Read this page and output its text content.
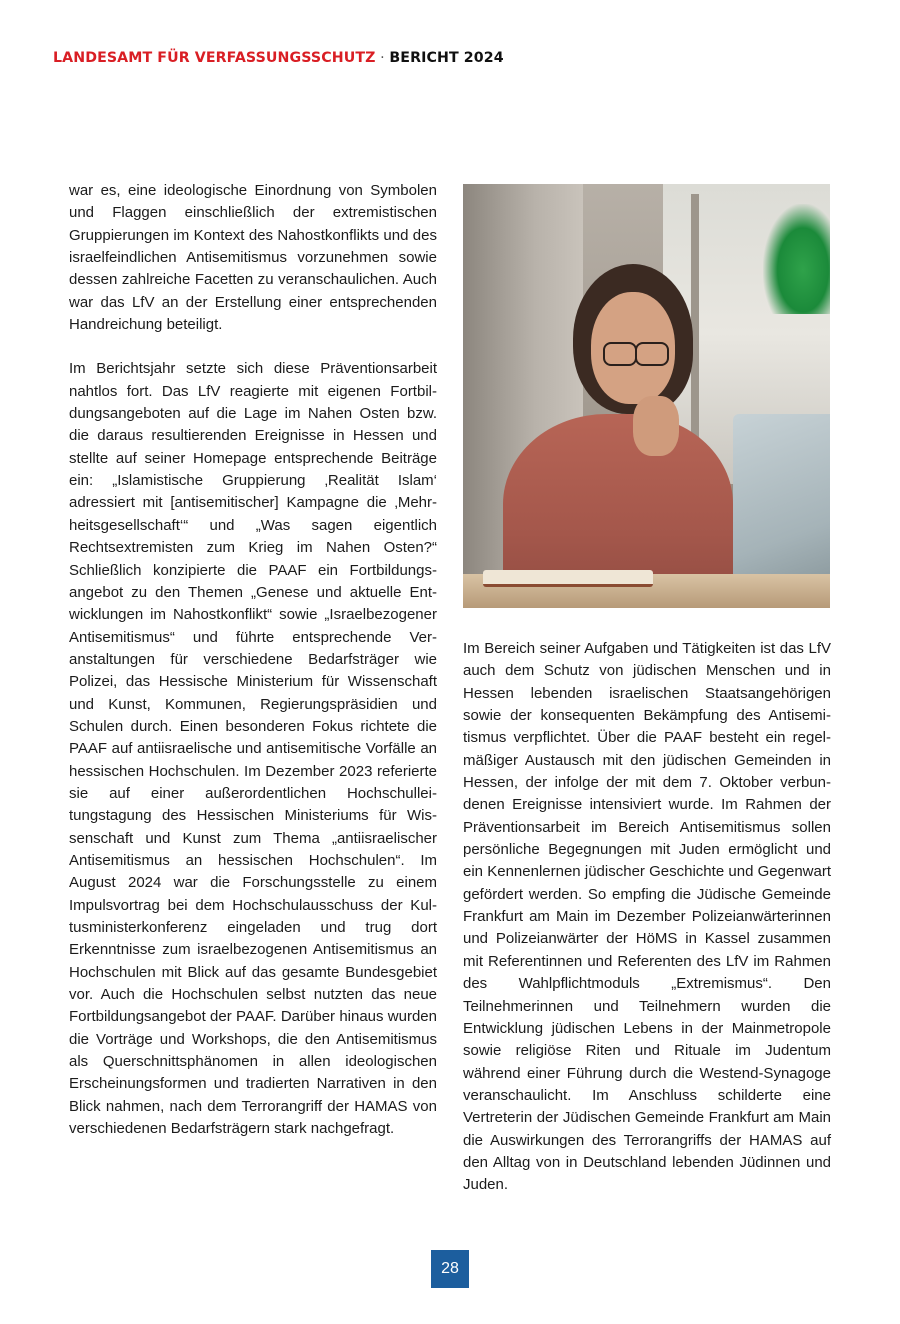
LANDESAMT FÜR VERFASSUNGSSCHUTZ · BERICHT 2024

war es, eine ideologische Einordnung von Symbolen und Flaggen einschließlich der extremistischen Gruppierungen im Kontext des Nahostkonflikts und des israelfeindlichen Antisemitismus vorzunehmen sowie dessen zahlreiche Facetten zu veranschaulichen. Auch war das LfV an der Erstellung einer entsprechenden Handreichung beteiligt.

Im Berichtsjahr setzte sich diese Präventionsarbeit nahtlos fort. Das LfV reagierte mit eigenen Fortbildungsangeboten auf die Lage im Nahen Osten bzw. die daraus resultierenden Ereignisse in Hessen und stellte auf seiner Homepage entsprechende Beiträge ein: „Islamistische Gruppierung ‚Realität Islam‘ adressiert mit [antisemitischer] Kampagne die ‚Mehrheitsgesellschaft‘“ und „Was sagen eigentlich Rechtsextremisten zum Krieg im Nahen Osten?“ Schließlich konzipierte die PAAF ein Fortbildungsangebot zu den Themen „Genese und aktuelle Entwicklungen im Nahostkonflikt“ sowie „Israelbezogener Antisemitismus“ und führte entsprechende Veranstaltungen für verschiedene Bedarfsträger wie Polizei, das Hessische Ministerium für Wissenschaft und Kunst, Kommunen, Regierungspräsidien und Schulen durch. Einen besonderen Fokus richtete die PAAF auf antiisraelische und antisemitische Vorfälle an hessischen Hochschulen. Im Dezember 2023 referierte sie auf einer außerordentlichen Hochschulleitungstagung des Hessischen Ministeriums für Wissenschaft und Kunst zum Thema „antiisraelischer Antisemitismus an hessischen Hochschulen“. Im August 2024 war die Forschungsstelle zu einem Impulsvortrag bei dem Hochschulausschuss der Kultusministerkonferenz eingeladen und trug dort Erkenntnisse zum israelbezogenen Antisemitismus an Hochschulen mit Blick auf das gesamte Bundesgebiet vor. Auch die Hochschulen selbst nutzten das neue Fortbildungsangebot der PAAF. Darüber hinaus wurden die Vorträge und Workshops, die den Antisemitismus als Querschnittsphänomen in allen ideologischen Erscheinungsformen und tradierten Narrativen in den Blick nahmen, nach dem Terrorangriff der HAMAS von verschiedenen Bedarfsträgern stark nachgefragt.

Im Bereich seiner Aufgaben und Tätigkeiten ist das LfV auch dem Schutz von jüdischen Menschen und in Hessen lebenden israelischen Staatsangehörigen sowie der konsequenten Bekämpfung des Antisemitismus verpflichtet. Über die PAAF besteht ein regelmäßiger Austausch mit den jüdischen Gemeinden in Hessen, der infolge der mit dem 7. Oktober verbundenen Ereignisse intensiviert wurde. Im Rahmen der Präventionsarbeit im Bereich Antisemitismus sollen persönliche Begegnungen mit Juden ermöglicht und ein Kennenlernen jüdischer Geschichte und Gegenwart gefördert werden. So empfing die Jüdische Gemeinde Frankfurt am Main im Dezember Polizeianwärterinnen und Polizeianwärter der HöMS in Kassel zusammen mit Referentinnen und Referenten des LfV im Rahmen des Wahlpflichtmoduls „Extremismus“. Den Teilnehmerinnen und Teilnehmern wurden die Entwicklung jüdischen Lebens in der Mainmetropole sowie religiöse Riten und Rituale im Judentum während einer Führung durch die Westend-Synagoge veranschaulicht. Im Anschluss schilderte eine Vertreterin der Jüdischen Gemeinde Frankfurt am Main die Auswirkungen des Terrorangriffs der HAMAS auf den Alltag von in Deutschland lebenden Jüdinnen und Juden.

28
